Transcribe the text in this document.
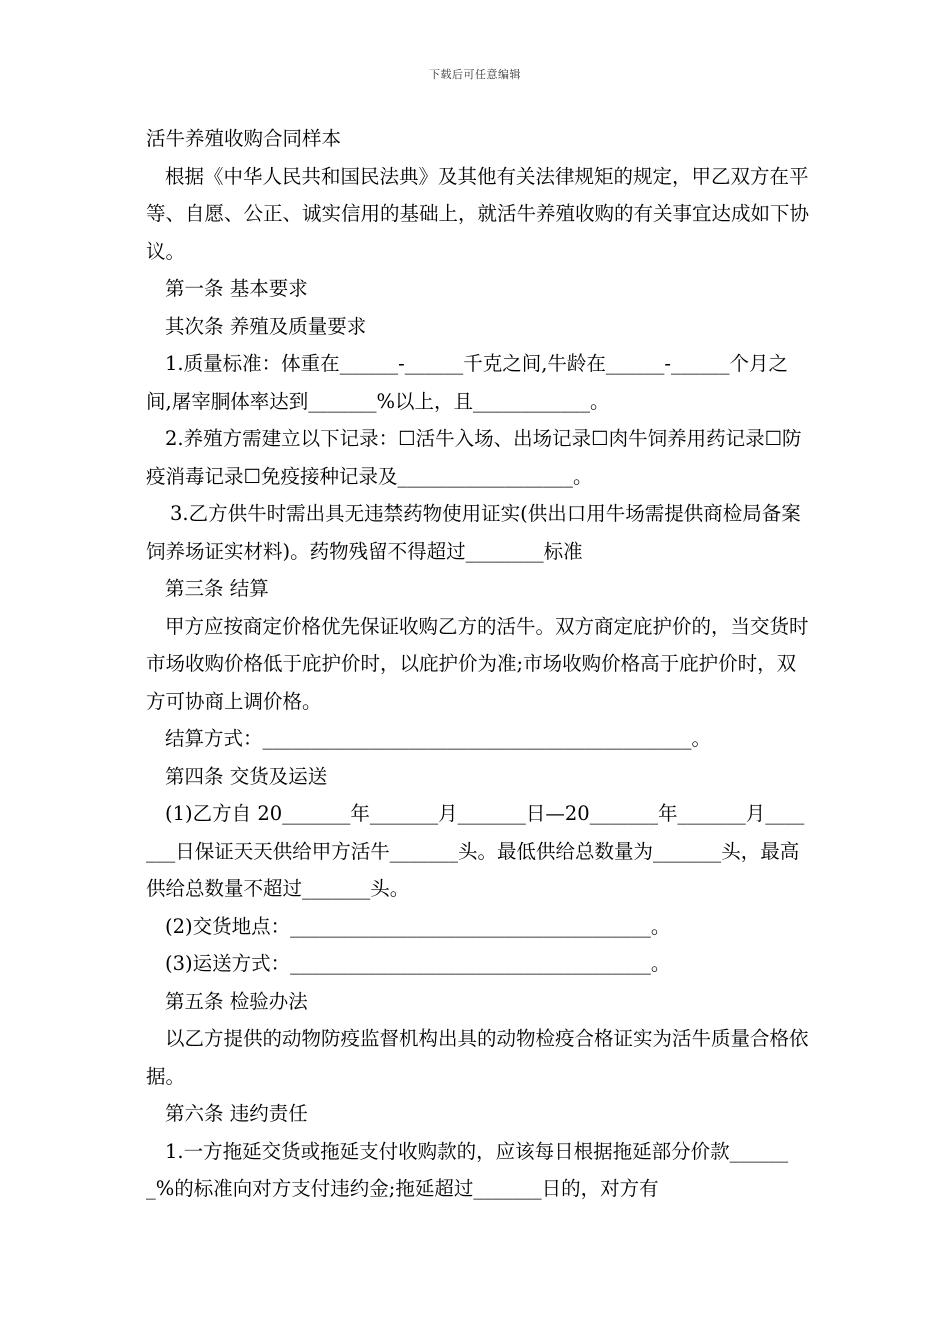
下载后可任意编辑

活牛养殖收购合同样本

根据《中华人民共和国民法典》及其他有关法律规矩的规定，甲乙双方在平等、自愿、公正、诚实信用的基础上，就活牛养殖收购的有关事宜达成如下协议。

第一条 基本要求

其次条 养殖及质量要求

1.质量标准：体重在______-______千克之间,牛龄在______-______个月之间,屠宰胴体率达到_______%以上，且____________。

2.养殖方需建立以下记录：☐活牛入场、出场记录☐肉牛饲养用药记录☐防疫消毒记录☐免疫接种记录及__________________。

3.乙方供牛时需出具无违禁药物使用证实(供出口用牛场需提供商检局备案饲养场证实材料)。药物残留不得超过________标准

第三条 结算

甲方应按商定价格优先保证收购乙方的活牛。双方商定庇护价的，当交货时市场收购价格低于庇护价时，以庇护价为准;市场收购价格高于庇护价时，双方可协商上调价格。

结算方式：____________________________________________。

第四条 交货及运送

(1)乙方自 20_______年_______月_______日—20_______年_______月_______日保证天天供给甲方活牛_______头。最低供给总数量为_______头，最高供给总数量不超过_______头。

(2)交货地点：_____________________________________。

(3)运送方式：_____________________________________。

第五条 检验办法

以乙方提供的动物防疫监督机构出具的动物检疫合格证实为活牛质量合格依据。

第六条 违约责任

1.一方拖延交货或拖延支付收购款的，应该每日根据拖延部分价款_______%的标准向对方支付违约金;拖延超过_______日的，对方有
